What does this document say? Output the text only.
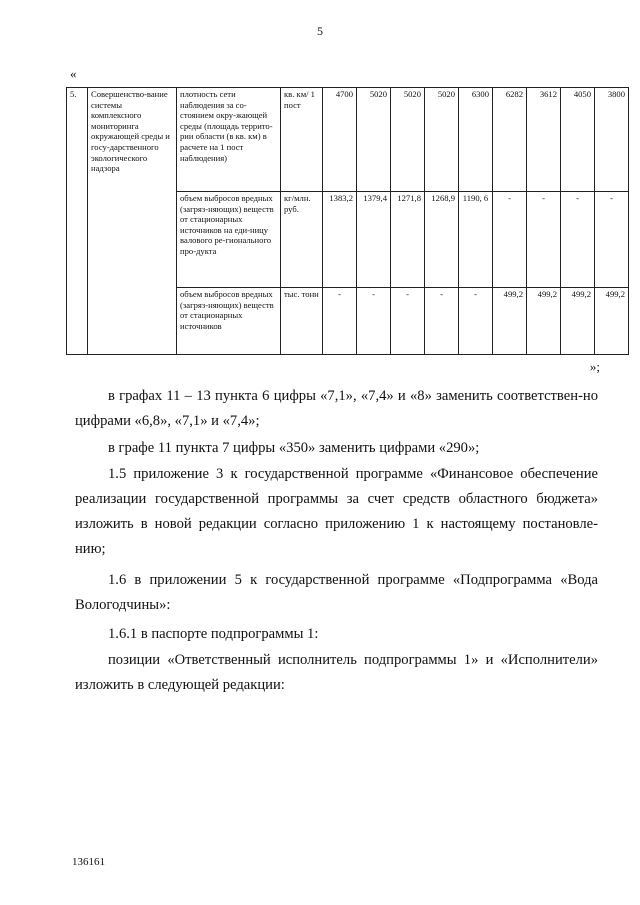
5
«
5.	Совершенство-вание системы комплексного мониторинга окружающей среды и госу-дарственного экологического надзора	плотность сети наблюдения за со-стоянием окру-жающей среды (площадь террито-рии области (в кв. км) в расчете на 1 пост наблюдения)	кв. км/ 1 пост	4700	5020	5020	5020	6300	6282	3612	4050	3800
		объем выбросов вредных (загряз-няющих) веществ от стационарных источников на еди-ницу валового ре-гионального про-дукта	кг/млн. руб.	1383,2	1379,4	1271,8	1268,9	1190, 6	-	-	-	-
		объем выбросов вредных (загряз-няющих) веществ от стационарных источников	тыс. тонн	-	-	-	-	-	499,2	499,2	499,2	499,2
»;
в графах 11 – 13 пункта 6 цифры «7,1», «7,4» и «8» заменить соответствен-но цифрами «6,8», «7,1» и «7,4»;
в графе 11 пункта 7 цифры «350» заменить цифрами «290»;
1.5 приложение 3 к государственной программе «Финансовое обеспечение реализации государственной программы за счет средств областного бюджета» изложить в новой редакции согласно приложению 1 к настоящему постановле-нию;
1.6 в приложении 5 к государственной программе «Подпрограмма «Вода Вологодчины»:
1.6.1 в паспорте подпрограммы 1:
позиции «Ответственный исполнитель подпрограммы 1» и «Исполнители» изложить в следующей редакции:
136161
